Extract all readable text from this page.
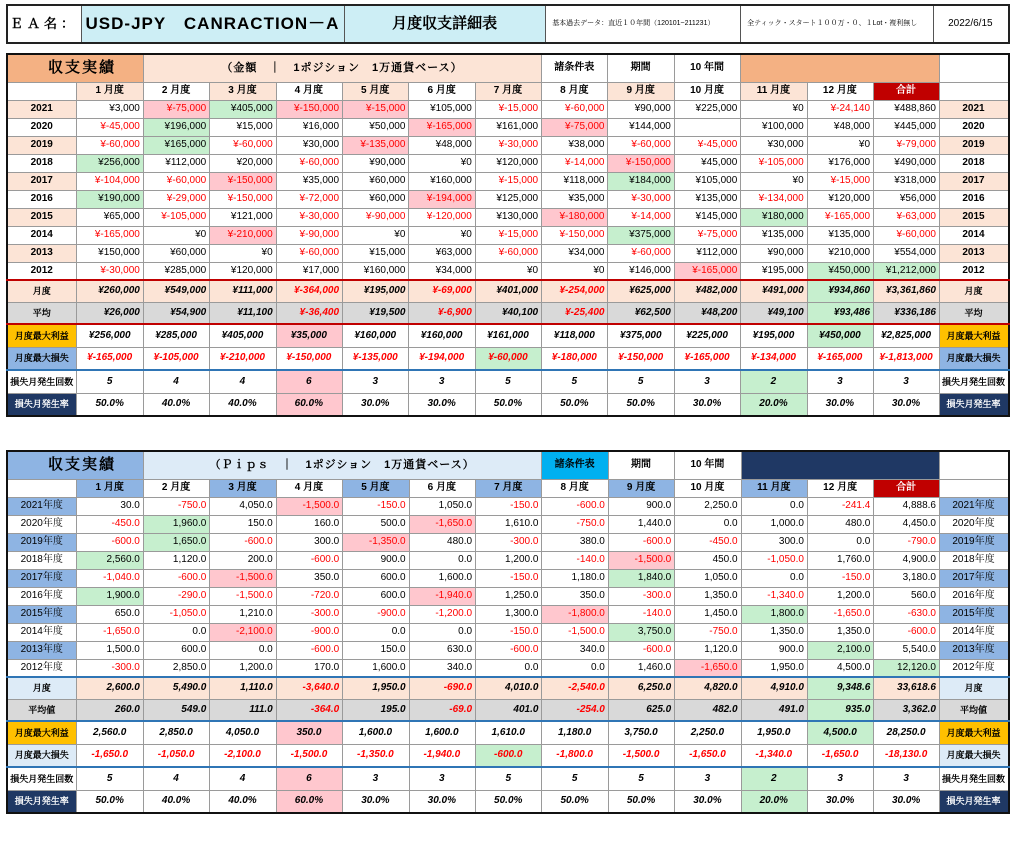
ＥＡ名：	USD-JPY　CANRACTION－A	月度収支詳細表	基本過去データ：直近１０年間（120101~211231）	全ティック・スタート１００万・０、１Lot・複利無し	2022/6/15
収支実績		（金額　｜　1ポジション　1万通貨ベース）						諸条件表	期間	10 年間				
	1 月度	2 月度	3 月度	4 月度	5 月度	6 月度	7 月度	8 月度	9 月度	10 月度	11 月度	12 月度	合計	
2021	¥3,000	¥-75,000	¥405,000	¥-150,000	¥-15,000	¥105,000	¥-15,000	¥-60,000	¥90,000	¥225,000	¥0	¥-24,140	¥488,860	2021
2020	¥-45,000	¥196,000	¥15,000	¥16,000	¥50,000	¥-165,000	¥161,000	¥-75,000	¥144,000		¥100,000	¥48,000	¥445,000	2020
2019	¥-60,000	¥165,000	¥-60,000	¥30,000	¥-135,000	¥48,000	¥-30,000	¥38,000	¥-60,000	¥-45,000	¥30,000	¥0	¥-79,000	2019
2018	¥256,000	¥112,000	¥20,000	¥-60,000	¥90,000	¥0	¥120,000	¥-14,000	¥-150,000	¥45,000	¥-105,000	¥176,000	¥490,000	2018
2017	¥-104,000	¥-60,000	¥-150,000	¥35,000	¥60,000	¥160,000	¥-15,000	¥118,000	¥184,000	¥105,000	¥0	¥-15,000	¥318,000	2017
2016	¥190,000	¥-29,000	¥-150,000	¥-72,000	¥60,000	¥-194,000	¥125,000	¥35,000	¥-30,000	¥135,000	¥-134,000	¥120,000	¥56,000	2016
2015	¥65,000	¥-105,000	¥121,000	¥-30,000	¥-90,000	¥-120,000	¥130,000	¥-180,000	¥-14,000	¥145,000	¥180,000	¥-165,000	¥-63,000	2015
2014	¥-165,000	¥0	¥-210,000	¥-90,000	¥0	¥0	¥-15,000	¥-150,000	¥375,000	¥-75,000	¥135,000	¥135,000	¥-60,000	2014
2013	¥150,000	¥60,000	¥0	¥-60,000	¥15,000	¥63,000	¥-60,000	¥34,000	¥-60,000	¥112,000	¥90,000	¥210,000	¥554,000	2013
2012	¥-30,000	¥285,000	¥120,000	¥17,000	¥160,000	¥34,000	¥0	¥0	¥146,000	¥-165,000	¥195,000	¥450,000	¥1,212,000	2012
月度	¥260,000	¥549,000	¥111,000	¥-364,000	¥195,000	¥-69,000	¥401,000	¥-254,000	¥625,000	¥482,000	¥491,000	¥934,860	¥3,361,860	月度
平均	¥26,000	¥54,900	¥11,100	¥-36,400	¥19,500	¥-6,900	¥40,100	¥-25,400	¥62,500	¥48,200	¥49,100	¥93,486	¥336,186	平均
月度最大利益	¥256,000	¥285,000	¥405,000	¥35,000	¥160,000	¥160,000	¥161,000	¥118,000	¥375,000	¥225,000	¥195,000	¥450,000	¥2,825,000	月度最大利益
月度最大損失	¥-165,000	¥-105,000	¥-210,000	¥-150,000	¥-135,000	¥-194,000	¥-60,000	¥-180,000	¥-150,000	¥-165,000	¥-134,000	¥-165,000	¥-1,813,000	月度最大損失
損失月発生回数	5	4	4	6	3	3	5	5	5	3	2	3	3	損失月発生回数
損失月発生率	50.0%	40.0%	40.0%	60.0%	30.0%	30.0%	50.0%	50.0%	50.0%	30.0%	20.0%	30.0%	30.0%	損失月発生率
収支実績		（Ｐｉｐｓ　｜　1ポジション　1万通貨ベース）						諸条件表	期間	10 年間				
	1 月度	2 月度	3 月度	4 月度	5 月度	6 月度	7 月度	8 月度	9 月度	10 月度	11 月度	12 月度	合計	
2021年度	30.0	-750.0	4,050.0	-1,500.0	-150.0	1,050.0	-150.0	-600.0	900.0	2,250.0	0.0	-241.4	4,888.6	2021年度
2020年度	-450.0	1,960.0	150.0	160.0	500.0	-1,650.0	1,610.0	-750.0	1,440.0	0.0	1,000.0	480.0	4,450.0	2020年度
2019年度	-600.0	1,650.0	-600.0	300.0	-1,350.0	480.0	-300.0	380.0	-600.0	-450.0	300.0	0.0	-790.0	2019年度
2018年度	2,560.0	1,120.0	200.0	-600.0	900.0	0.0	1,200.0	-140.0	-1,500.0	450.0	-1,050.0	1,760.0	4,900.0	2018年度
2017年度	-1,040.0	-600.0	-1,500.0	350.0	600.0	1,600.0	-150.0	1,180.0	1,840.0	1,050.0	0.0	-150.0	3,180.0	2017年度
2016年度	1,900.0	-290.0	-1,500.0	-720.0	600.0	-1,940.0	1,250.0	350.0	-300.0	1,350.0	-1,340.0	1,200.0	560.0	2016年度
2015年度	650.0	-1,050.0	1,210.0	-300.0	-900.0	-1,200.0	1,300.0	-1,800.0	-140.0	1,450.0	1,800.0	-1,650.0	-630.0	2015年度
2014年度	-1,650.0	0.0	-2,100.0	-900.0	0.0	0.0	-150.0	-1,500.0	3,750.0	-750.0	1,350.0	1,350.0	-600.0	2014年度
2013年度	1,500.0	600.0	0.0	-600.0	150.0	630.0	-600.0	340.0	-600.0	1,120.0	900.0	2,100.0	5,540.0	2013年度
2012年度	-300.0	2,850.0	1,200.0	170.0	1,600.0	340.0	0.0	0.0	1,460.0	-1,650.0	1,950.0	4,500.0	12,120.0	2012年度
月度	2,600.0	5,490.0	1,110.0	-3,640.0	1,950.0	-690.0	4,010.0	-2,540.0	6,250.0	4,820.0	4,910.0	9,348.6	33,618.6	月度
平均値	260.0	549.0	111.0	-364.0	195.0	-69.0	401.0	-254.0	625.0	482.0	491.0	935.0	3,362.0	平均値
月度最大利益	2,560.0	2,850.0	4,050.0	350.0	1,600.0	1,600.0	1,610.0	1,180.0	3,750.0	2,250.0	1,950.0	4,500.0	28,250.0	月度最大利益
月度最大損失	-1,650.0	-1,050.0	-2,100.0	-1,500.0	-1,350.0	-1,940.0	-600.0	-1,800.0	-1,500.0	-1,650.0	-1,340.0	-1,650.0	-18,130.0	月度最大損失
損失月発生回数	5	4	4	6	3	3	5	5	5	3	2	3	3	損失月発生回数
損失月発生率	50.0%	40.0%	40.0%	60.0%	30.0%	30.0%	50.0%	50.0%	50.0%	30.0%	20.0%	30.0%	30.0%	損失月発生率
